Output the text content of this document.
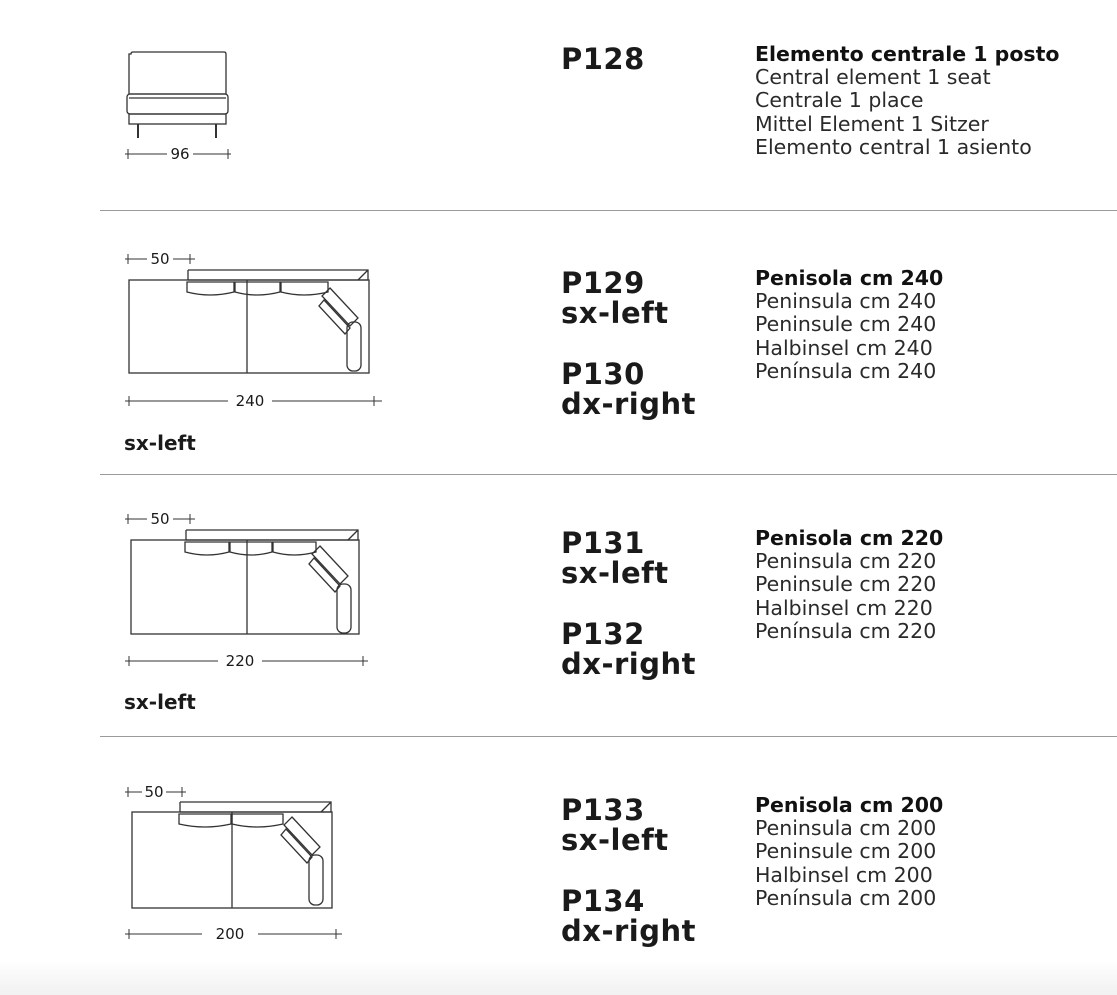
96
P128	Elemento centrale 1 posto
Central element 1 seat
Centrale 1 place
Mittel Element 1 Sitzer
Elemento central 1 asiento
50
240
sx-left
P129
sx-left
P130
dx-right
Penisola cm 240
Peninsula cm 240
Peninsule cm 240
Halbinsel cm 240
Península cm 240
50
220
sx-left
P131
sx-left
P132
dx-right
Penisola cm 220
Peninsula cm 220
Peninsule cm 220
Halbinsel cm 220
Península cm 220
50
200
P133
sx-left
P134
dx-right
Penisola cm 200
Peninsula cm 200
Peninsule cm 200
Halbinsel cm 200
Península cm 200
